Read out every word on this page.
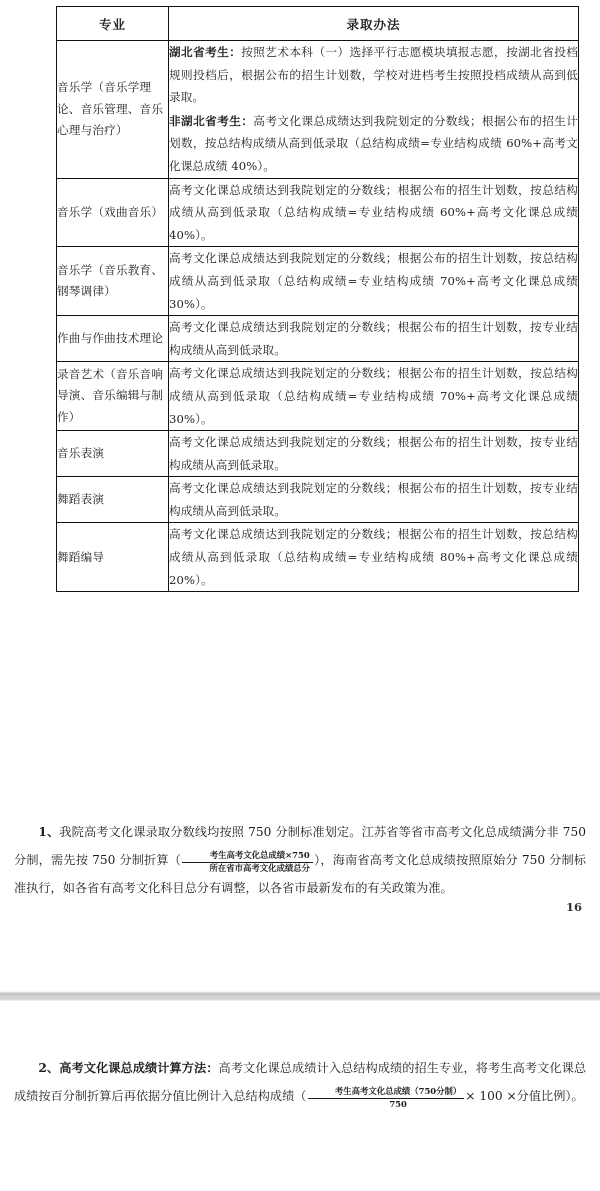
专业	录取办法
音乐学（音乐学理论、音乐管理、音乐心理与治疗）	湖北省考生：按照艺术本科（一）选择平行志愿模块填报志愿，按湖北省投档规则投档后，根据公布的招生计划数，学校对进档考生按照投档成绩从高到低录取。

非湖北省考生：高考文化课总成绩达到我院划定的分数线；根据公布的招生计划数，按总结构成绩从高到低录取（总结构成绩=专业结构成绩 60%+高考文化课总成绩 40%）。

音乐学（戏曲音乐）	高考文化课总成绩达到我院划定的分数线；根据公布的招生计划数，按总结构成绩从高到低录取（总结构成绩=专业结构成绩 60%+高考文化课总成绩 40%）。

音乐学（音乐教育、钢琴调律）	高考文化课总成绩达到我院划定的分数线；根据公布的招生计划数，按总结构成绩从高到低录取（总结构成绩=专业结构成绩 70%+高考文化课总成绩 30%）。

作曲与作曲技术理论	高考文化课总成绩达到我院划定的分数线；根据公布的招生计划数，按专业结构成绩从高到低录取。

录音艺术（音乐音响导演、音乐编辑与制作）	高考文化课总成绩达到我院划定的分数线；根据公布的招生计划数，按总结构成绩从高到低录取（总结构成绩=专业结构成绩 70%+高考文化课总成绩 30%）。

音乐表演	高考文化课总成绩达到我院划定的分数线；根据公布的招生计划数，按专业结构成绩从高到低录取。

舞蹈表演	高考文化课总成绩达到我院划定的分数线；根据公布的招生计划数，按专业结构成绩从高到低录取。

舞蹈编导	高考文化课总成绩达到我院划定的分数线；根据公布的招生计划数，按总结构成绩从高到低录取（总结构成绩=专业结构成绩 80%+高考文化课总成绩 20%）。

1、我院高考文化课录取分数线均按照 750 分制标准划定。江苏省等省市高考文化总成绩满分非 750 分制，需先按 750 分制折算（ $\frac{\text{考生高考文化总成绩×750}}{\text{所在省市高考文化成绩总分}}$ ），海南省高考文化总成绩按照原始分 750 分制标准执行，如各省有高考文化科目总分有调整，以各省市最新发布的有关政策为准。

16

2、高考文化课总成绩计算方法：高考文化课总成绩计入总结构成绩的招生专业，将考生高考文化课总成绩按百分制折算后再依据分值比例计入总结构成绩（ $\frac{\text{考生高考文化总成绩（750分制）}}{750} \times 100$ ×分值比例）。
